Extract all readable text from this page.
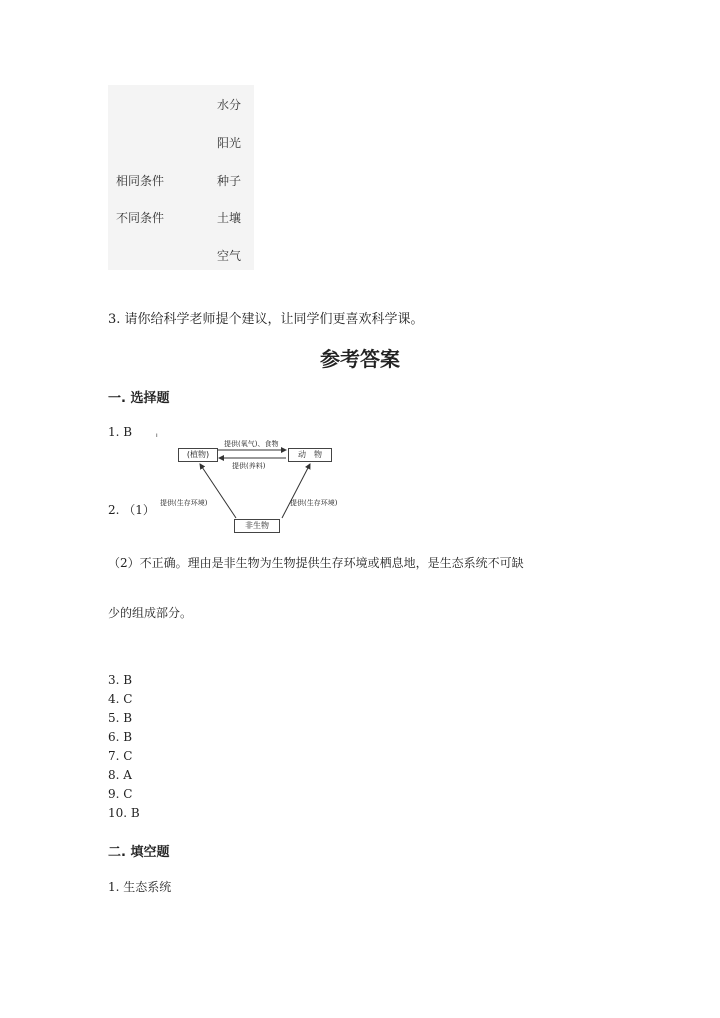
相同条件
不同条件
水分
阳光
种子
土壤
空气
3. 请你给科学老师提个建议，让同学们更喜欢科学课。
参考答案
一. 选择题
1. B
2. （1）
(植物)	动　物
非生物
提供(氧气)、食物
提供(养料)
提供(生存环境)	提供(生存环境)
ı
（2）不正确。理由是非生物为生物提供生存环境或栖息地，是生态系统不可缺
少的组成部分。
3. B
4. C
5. B
6. B
7. C
8. A
9. C
10. B
二. 填空题
1. 生态系统
